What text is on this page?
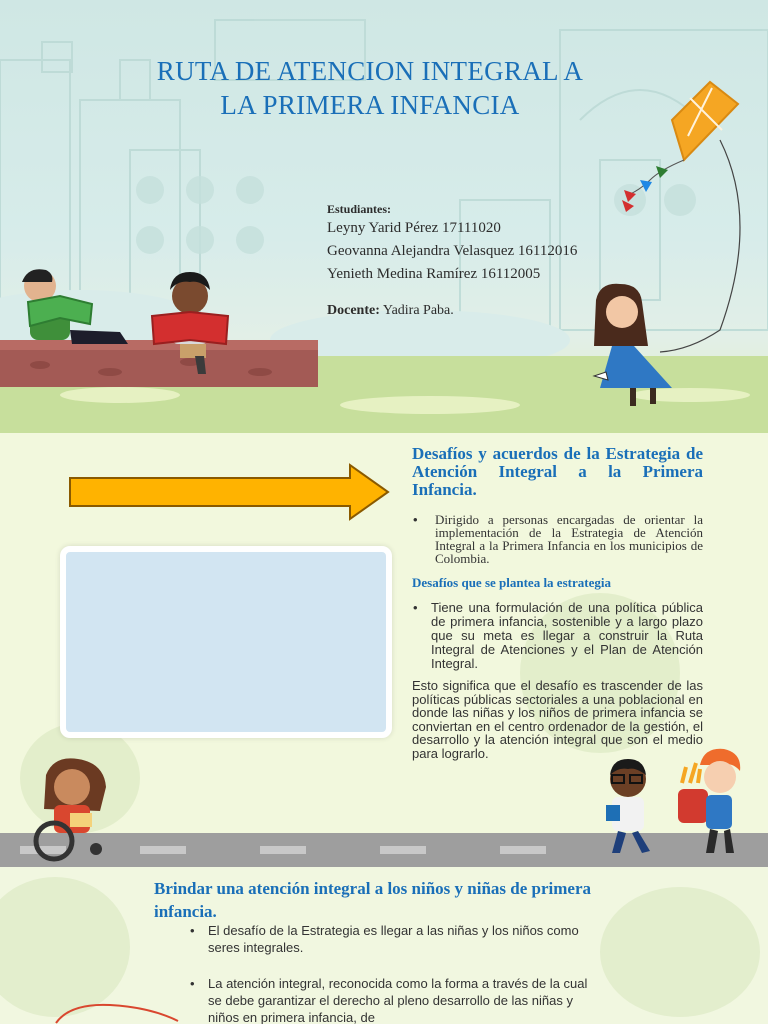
RUTA DE ATENCION INTEGRAL A LA PRIMERA INFANCIA
Estudiantes:
Leyny Yarid Pérez 17111020
Geovanna Alejandra Velasquez 16112016
Yenieth Medina Ramírez 16112005
Docente: Yadira Paba.
Desafíos y acuerdos de la Estrategia de Atención Integral a la Primera Infancia.
• Dirigido a personas encargadas de orientar la implementación de la Estrategia de Atención Integral a la Primera Infancia en los municipios de Colombia.
Desafíos que se plantea la estrategia
• Tiene una formulación de una política pública de primera infancia, sostenible y a largo plazo que su meta es llegar a construir la Ruta Integral de Atenciones y el Plan de Atención Integral.

Esto significa que el desafío es trascender de las políticas públicas sectoriales a una poblacional en donde las niñas y los niños de primera infancia se conviertan en el centro ordenador de la gestión, el desarrollo y la atención integral que son el medio para lograrlo.

Brindar una atención integral a los niños y niñas de primera infancia.
• El desafío de la Estrategia es llegar a las niñas y los niños como seres integrales.
• La atención integral, reconocida como la forma a través de la cual se debe garantizar el derecho al pleno desarrollo de las niñas y niños en primera infancia, de
